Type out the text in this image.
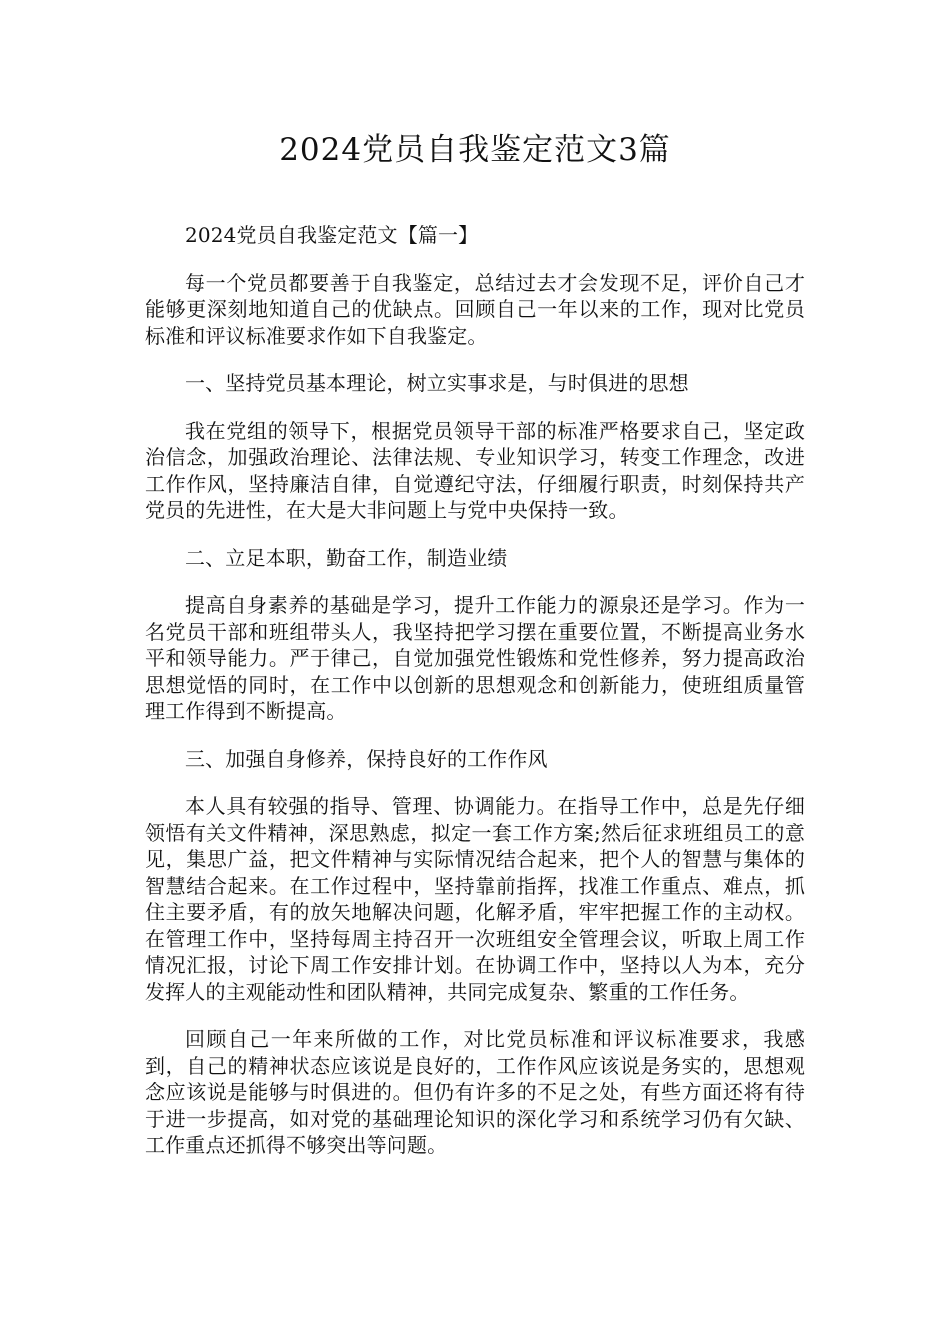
2024党员自我鉴定范文3篇

2024党员自我鉴定范文【篇一】

每一个党员都要善于自我鉴定，总结过去才会发现不足，评价自己才能够更深刻地知道自己的优缺点。回顾自己一年以来的工作，现对比党员标准和评议标准要求作如下自我鉴定。

一、坚持党员基本理论，树立实事求是，与时俱进的思想

我在党组的领导下，根据党员领导干部的标准严格要求自己，坚定政治信念，加强政治理论、法律法规、专业知识学习，转变工作理念，改进工作作风，坚持廉洁自律，自觉遵纪守法，仔细履行职责，时刻保持共产党员的先进性，在大是大非问题上与党中央保持一致。

二、立足本职，勤奋工作，制造业绩

提高自身素养的基础是学习，提升工作能力的源泉还是学习。作为一名党员干部和班组带头人，我坚持把学习摆在重要位置，不断提高业务水平和领导能力。严于律己，自觉加强党性锻炼和党性修养，努力提高政治思想觉悟的同时，在工作中以创新的思想观念和创新能力，使班组质量管理工作得到不断提高。

三、加强自身修养，保持良好的工作作风

本人具有较强的指导、管理、协调能力。在指导工作中，总是先仔细领悟有关文件精神，深思熟虑，拟定一套工作方案;然后征求班组员工的意见，集思广益，把文件精神与实际情况结合起来，把个人的智慧与集体的智慧结合起来。在工作过程中，坚持靠前指挥，找准工作重点、难点，抓住主要矛盾，有的放矢地解决问题，化解矛盾，牢牢把握工作的主动权。在管理工作中，坚持每周主持召开一次班组安全管理会议，听取上周工作情况汇报，讨论下周工作安排计划。在协调工作中，坚持以人为本，充分发挥人的主观能动性和团队精神，共同完成复杂、繁重的工作任务。

回顾自己一年来所做的工作，对比党员标准和评议标准要求，我感到，自己的精神状态应该说是良好的，工作作风应该说是务实的，思想观念应该说是能够与时俱进的。但仍有许多的不足之处，有些方面还将有待于进一步提高，如对党的基础理论知识的深化学习和系统学习仍有欠缺、工作重点还抓得不够突出等问题。
